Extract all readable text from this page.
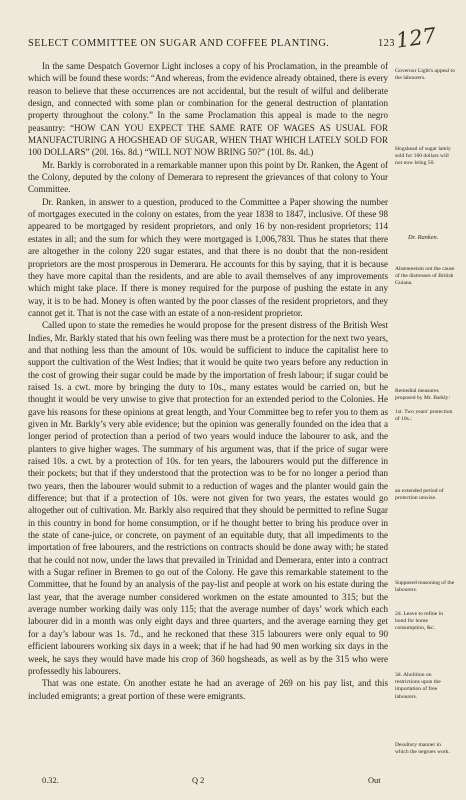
SELECT COMMITTEE ON SUGAR AND COFFEE PLANTING.	123 127

In the same Despatch Governor Light incloses a copy of his Proclamation, in the preamble of which will be found these words: “And whereas, from the evidence already obtained, there is every reason to believe that these occurrences are not accidental, but the result of wilful and deliberate design, and connected with some plan or combination for the general destruction of plantation property throughout the colony.” In the same Proclamation this appeal is made to the negro peasantry: “HOW CAN YOU EXPECT THE SAME RATE OF WAGES AS USUAL FOR MANUFACTURING A HOGSHEAD OF SUGAR, WHEN THAT WHICH LATELY SOLD FOR 100 DOLLARS” (20l. 16s. 8d.) “WILL NOT NOW BRING 50?” (10l. 8s. 4d.)

Mr. Barkly is corroborated in a remarkable manner upon this point by Dr. Ranken, the Agent of the Colony, deputed by the colony of Demerara to represent the grievances of that colony to Your Committee.

Dr. Ranken, in answer to a question, produced to the Committee a Paper showing the number of mortgages executed in the colony on estates, from the year 1838 to 1847, inclusive. Of these 98 appeared to be mortgaged by resident proprietors, and only 16 by non-resident proprietors; 114 estates in all; and the sum for which they were mortgaged is 1,006,783l. Thus he states that there are altogether in the colony 220 sugar estates, and that there is no doubt that the non-resident proprietors are the most prosperous in Demerara. He accounts for this by saying, that it is because they have more capital than the residents, and are able to avail themselves of any improvements which might take place. If there is money required for the purpose of pushing the estate in any way, it is to be had. Money is often wanted by the poor classes of the resident proprietors, and they cannot get it. That is not the case with an estate of a non-resident proprietor.

Called upon to state the remedies he would propose for the present distress of the British West Indies, Mr. Barkly stated that his own feeling was there must be a protection for the next two years, and that nothing less than the amount of 10s. would be sufficient to induce the capitalist here to support the cultivation of the West Indies; that it would be quite two years before any reduction in the cost of growing their sugar could be made by the importation of fresh labour; if sugar could be raised 1s. a cwt. more by bringing the duty to 10s., many estates would be carried on, but he thought it would be very unwise to give that protection for an extended period to the Colonies. He gave his reasons for these opinions at great length, and Your Committee beg to refer you to them as given in Mr. Barkly’s very able evidence; but the opinion was generally founded on the idea that a longer period of protection than a period of two years would induce the labourer to ask, and the planters to give higher wages. The summary of his argument was, that if the price of sugar were raised 10s. a cwt. by a protection of 10s. for ten years, the labourers would put the difference in their pockets; but that if they understood that the protection was to be for no longer a period than two years, then the labourer would submit to a reduction of wages and the planter would gain the difference; but that if a protection of 10s. were not given for two years, the estates would go altogether out of cultivation. Mr. Barkly also required that they should be permitted to refine Sugar in this country in bond for home consumption, or if he thought better to bring his produce over in the state of cane-juice, or concrete, on payment of an equitable duty, that all impediments to the importation of free labourers, and the restrictions on contracts should be done away with; he stated that he could not now, under the laws that prevailed in Trinidad and Demerara, enter into a contract with a Sugar refiner in Bremen to go out of the Colony. He gave this remarkable statement to the Committee, that he found by an analysis of the pay-list and people at work on his estate during the last year, that the average number considered workmen on the estate amounted to 315; but the average number working daily was only 115; that the average number of days’ work which each labourer did in a month was only eight days and three quarters, and the average earning they get for a day’s labour was 1s. 7d., and he reckoned that these 315 labourers were only equal to 90 efficient labourers working six days in a week; that if he had had 90 men working six days in the week, he says they would have made his crop of 360 hogsheads, as well as by the 315 who were professedly his labourers.

That was one estate. On another estate he had an average of 269 on his pay list, and this included emigrants; a great portion of these were emigrants.

Governor Light's appeal to the labourers.
Hogshead of sugar lately sold for 100 dollars will not now bring 50.
Dr. Ranken.
Absenteeism not the cause of the distresses of British Guiana.
Remedial measures proposed by Mr. Barkly:
1st. Two years' protection of 10s.;
an extended period of protection unwise.
Supposed reasoning of the labourers.
2d. Leave to refine in bond for home consumption, &c.
3d. Abolition on restrictions upon the importation of free labourers.
Desultory manner in which the negroes work.
0.32.	Q 2	Out
